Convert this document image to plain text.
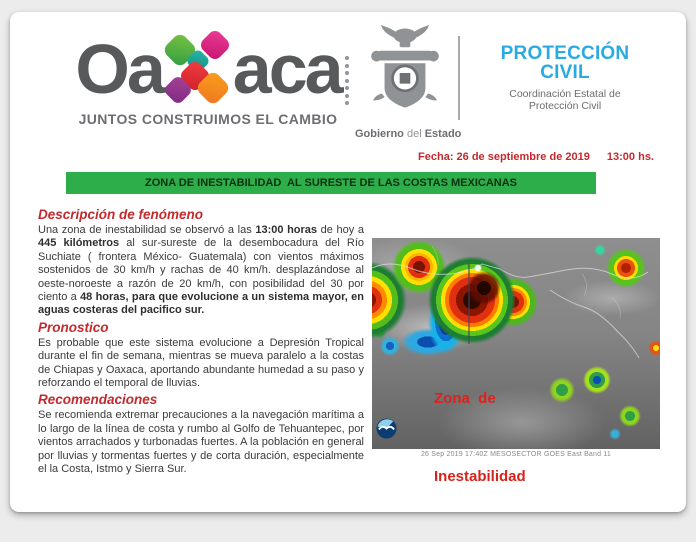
Oa aca
JUNTOS CONSTRUIMOS EL CAMBIO
Gobierno del Estado
PROTECCIÓN
CIVIL
Coordinación Estatal de
Protección Civil
Fecha: 26 de septiembre de 2019 13:00 hs.
ZONA DE INESTABILIDAD  AL SURESTE DE LAS COSTAS MEXICANAS
Descripción de fenómeno

Una zona de inestabilidad se observó a las 13:00 horas de hoy a 445 kilómetros al sur-sureste de la desembocadura del Río Suchiate ( frontera México- Guatemala) con vientos máximos sostenidos de 30 km/h y rachas de 40 km/h. desplazándose al oeste-noroeste a razón de 20 km/h, con posibilidad del 30 por ciento a 48 horas, para que evolucione a un sistema mayor, en aguas costeras del pacifico sur.

Pronostico

Es probable que este sistema evolucione a Depresión Tropical durante el fin de semana, mientras se mueva paralelo a la costas de Chiapas y Oaxaca, aportando abundante humedad a su paso y reforzando el temporal de lluvias.

Recomendaciones

Se recomienda extremar precauciones a la navegación marítima a lo largo de la línea de costa y rumbo al Golfo de Tehuantepec, por vientos arrachados y turbonadas fuertes. A la población en general por lluvias y tormentas fuertes y de corta duración, especialmente el la Costa, Istmo y Sierra Sur.

Zona  de

Inestabilidad

26 Sep 2019 17:40Z MESOSECTOR GOES East Band 11
